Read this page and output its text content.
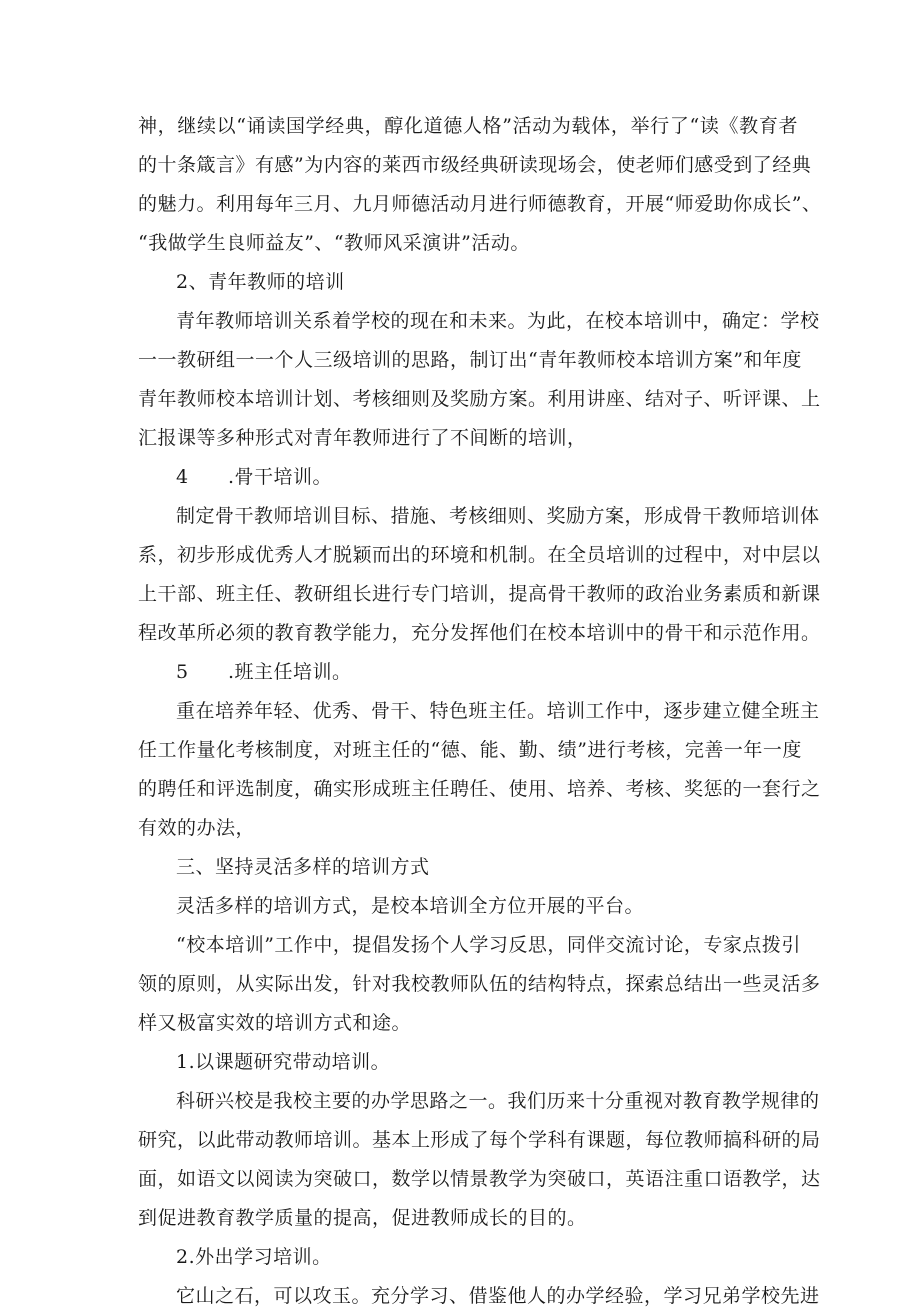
神，继续以“诵读国学经典，醇化道德人格”活动为载体，举行了“读《教育者
的十条箴言》有感”为内容的莱西市级经典研读现场会，使老师们感受到了经典
的魅力。利用每年三月、九月师德活动月进行师德教育，开展“师爱助你成长”、
“我做学生良师益友”、“教师风采演讲”活动。
2、青年教师的培训
青年教师培训关系着学校的现在和未来。为此，在校本培训中，确定：学校
一一教研组一一个人三级培训的思路，制订出“青年教师校本培训方案”和年度
青年教师校本培训计划、考核细则及奖励方案。利用讲座、结对子、听评课、上
汇报课等多种形式对青年教师进行了不间断的培训，
4 .骨干培训。
制定骨干教师培训目标、措施、考核细则、奖励方案，形成骨干教师培训体
系，初步形成优秀人才脱颖而出的环境和机制。在全员培训的过程中，对中层以
上干部、班主任、教研组长进行专门培训，提高骨干教师的政治业务素质和新课
程改革所必须的教育教学能力，充分发挥他们在校本培训中的骨干和示范作用。
5 .班主任培训。
重在培养年轻、优秀、骨干、特色班主任。培训工作中，逐步建立健全班主
任工作量化考核制度，对班主任的“德、能、勤、绩”进行考核，完善一年一度
的聘任和评选制度，确实形成班主任聘任、使用、培养、考核、奖惩的一套行之
有效的办法，
三、坚持灵活多样的培训方式
灵活多样的培训方式，是校本培训全方位开展的平台。
“校本培训”工作中，提倡发扬个人学习反思，同伴交流讨论，专家点拨引
领的原则，从实际出发，针对我校教师队伍的结构特点，探索总结出一些灵活多
样又极富实效的培训方式和途。
1.以课题研究带动培训。
科研兴校是我校主要的办学思路之一。我们历来十分重视对教育教学规律的
研究，以此带动教师培训。基本上形成了每个学科有课题，每位教师搞科研的局
面，如语文以阅读为突破口，数学以情景教学为突破口，英语注重口语教学，达
到促进教育教学质量的提高，促进教师成长的目的。
2.外出学习培训。
它山之石，可以攻玉。充分学习、借鉴他人的办学经验，学习兄弟学校先进
